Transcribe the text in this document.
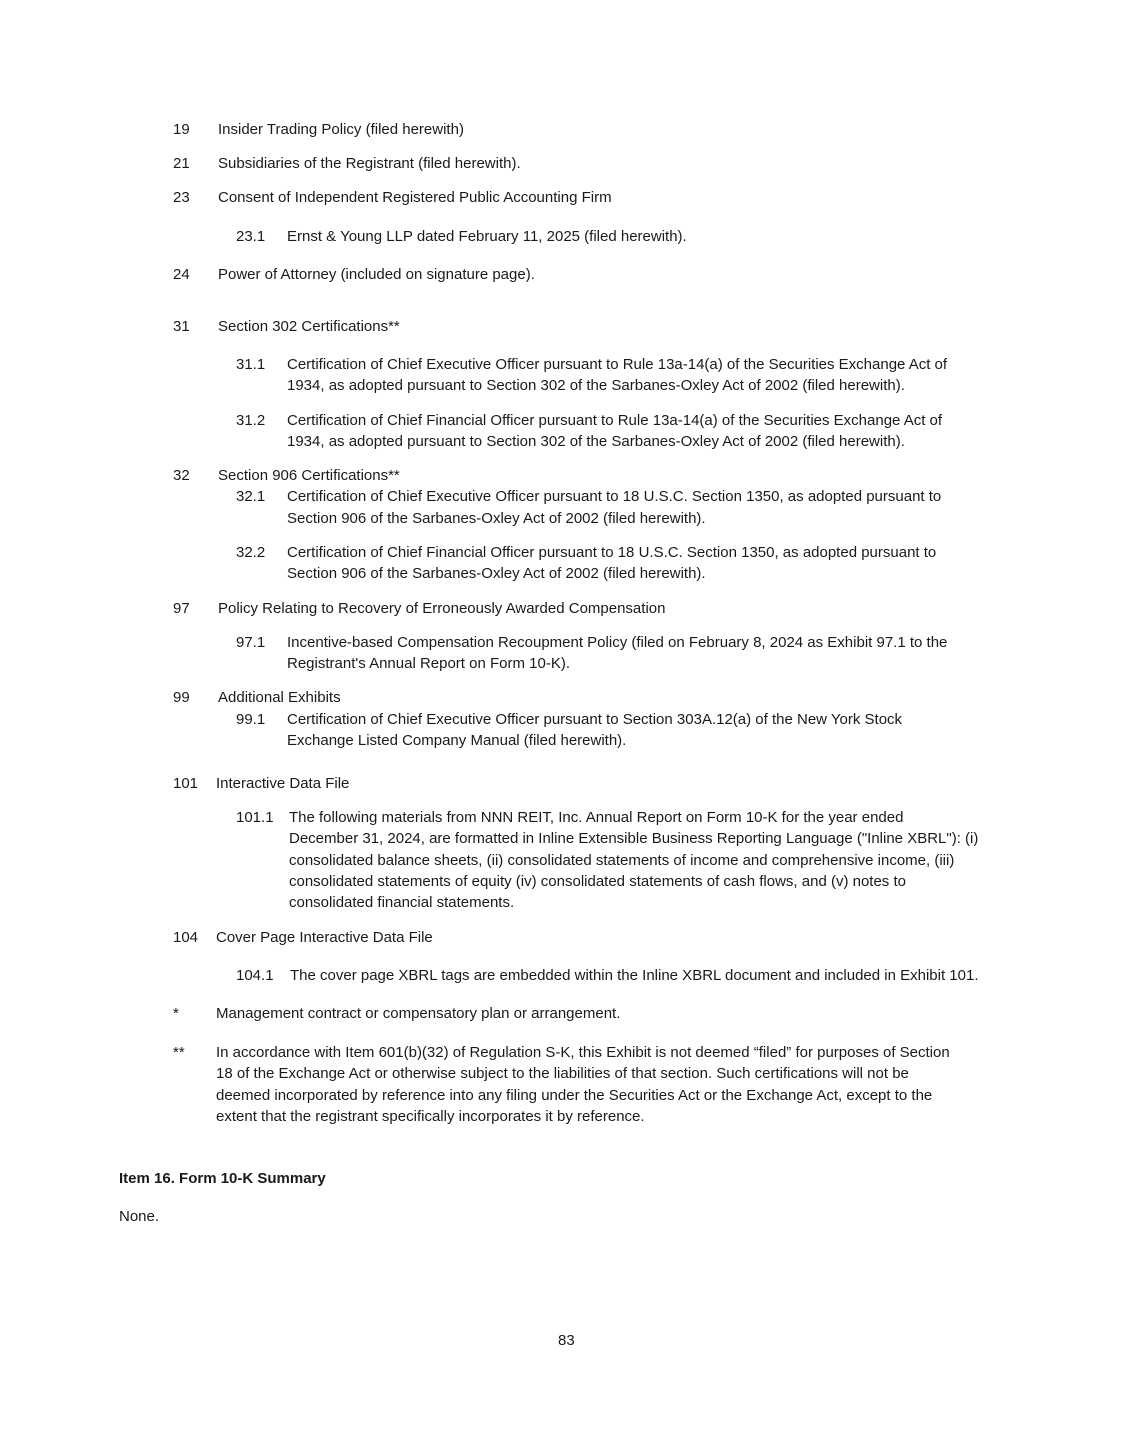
19 Insider Trading Policy (filed herewith)
21 Subsidiaries of the Registrant (filed herewith).
23 Consent of Independent Registered Public Accounting Firm
23.1 Ernst & Young LLP dated February 11, 2025 (filed herewith).
24 Power of Attorney (included on signature page).
31 Section 302 Certifications**
31.1 Certification of Chief Executive Officer pursuant to Rule 13a-14(a) of the Securities Exchange Act of
1934, as adopted pursuant to Section 302 of the Sarbanes-Oxley Act of 2002 (filed herewith).
31.2 Certification of Chief Financial Officer pursuant to Rule 13a-14(a) of the Securities Exchange Act of
1934, as adopted pursuant to Section 302 of the Sarbanes-Oxley Act of 2002 (filed herewith).
32 Section 906 Certifications**
32.1 Certification of Chief Executive Officer pursuant to 18 U.S.C. Section 1350, as adopted pursuant to
Section 906 of the Sarbanes-Oxley Act of 2002 (filed herewith).
32.2 Certification of Chief Financial Officer pursuant to 18 U.S.C. Section 1350, as adopted pursuant to
Section 906 of the Sarbanes-Oxley Act of 2002 (filed herewith).
97 Policy Relating to Recovery of Erroneously Awarded Compensation
97.1 Incentive-based Compensation Recoupment Policy (filed on February 8, 2024 as Exhibit 97.1 to the
Registrant's Annual Report on Form 10-K).
99 Additional Exhibits
99.1 Certification of Chief Executive Officer pursuant to Section 303A.12(a) of the New York Stock
Exchange Listed Company Manual (filed herewith).
101 Interactive Data File
101.1 The following materials from NNN REIT, Inc. Annual Report on Form 10-K for the year ended
December 31, 2024, are formatted in Inline Extensible Business Reporting Language ("Inline XBRL"): (i)
consolidated balance sheets, (ii) consolidated statements of income and comprehensive income, (iii)
consolidated statements of equity (iv) consolidated statements of cash flows, and (v) notes to
consolidated financial statements.
104 Cover Page Interactive Data File
104.1 The cover page XBRL tags are embedded within the Inline XBRL document and included in Exhibit 101.
* Management contract or compensatory plan or arrangement.
** In accordance with Item 601(b)(32) of Regulation S-K, this Exhibit is not deemed “filed” for purposes of Section
18 of the Exchange Act or otherwise subject to the liabilities of that section. Such certifications will not be
deemed incorporated by reference into any filing under the Securities Act or the Exchange Act, except to the
extent that the registrant specifically incorporates it by reference.
Item 16. Form 10-K Summary
None.
83
